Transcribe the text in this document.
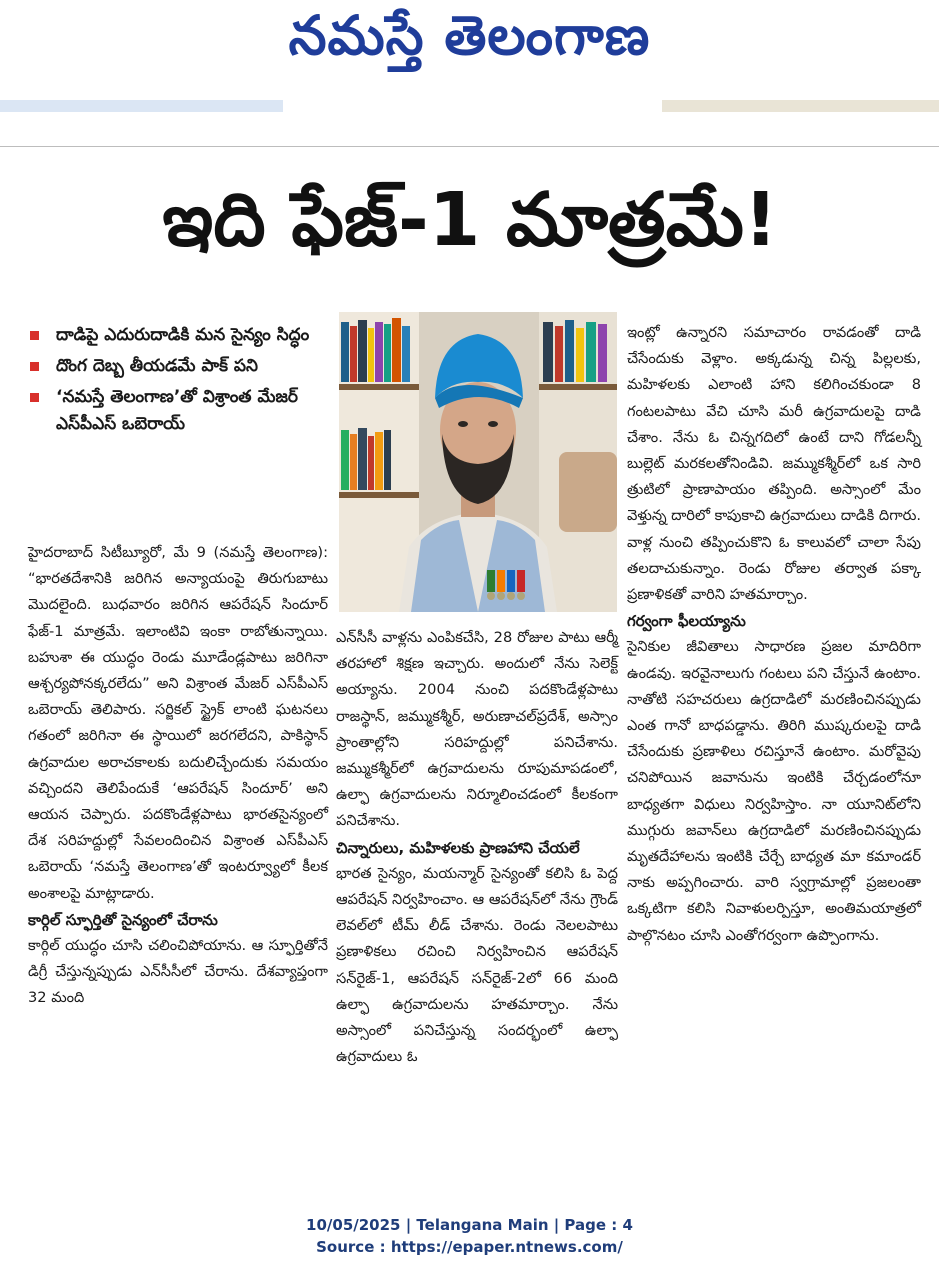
నమస్తే తెలంగాణ
ఇది ఫేజ్‌-1 మాత్రమే!
దాడిపై ఎదురుదాడికి మన సైన్యం సిద్ధం
దొంగ దెబ్బ తీయడమే పాక్‌ పని
‘నమస్తే తెలంగాణ’తో విశ్రాంత మేజర్‌ ఎస్‌పీఎస్‌ ఒబెరాయ్‌

హైదరాబాద్‌ సిటీబ్యూరో, మే 9 (నమస్తే తెలంగాణ): “భారతదేశానికి జరిగిన అన్యాయంపై తిరుగుబాటు మొదలైంది. బుధవారం జరిగిన ఆపరేషన్‌ సిందూర్‌ ఫేజ్‌-1 మాత్రమే. ఇలాంటివి ఇంకా రాబోతున్నాయి. బహుశా ఈ యుద్ధం రెండు మూడేండ్లపాటు జరిగినా ఆశ్చర్యపోనక్కరలేదు” అని విశ్రాంత మేజర్‌ ఎస్‌పీఎస్‌ ఒబెరాయ్‌ తెలిపారు. సర్జికల్‌ స్ట్రైక్‌ లాంటి ఘటనలు గతంలో జరిగినా ఈ స్థాయిలో జరగలేదని, పాకిస్థాన్‌ ఉగ్రవాదుల అరాచకాలకు బదులిచ్చేందుకు సమయం వచ్చిందని తెలిపేందుకే ‘ఆపరేషన్‌ సిందూర్‌’ అని ఆయన చెప్పారు. పదకొండేళ్లపాటు భారతసైన్యంలో దేశ సరిహద్దుల్లో సేవలందించిన విశ్రాంత ఎస్‌పీఎస్‌ ఒబెరాయ్‌ ‘నమస్తే తెలంగాణ’తో ఇంటర్వ్యూలో కీలక అంశాలపై మాట్లాడారు.

కార్గిల్‌ స్ఫూర్తితో సైన్యంలో చేరాను

కార్గిల్‌ యుద్ధం చూసి చలించిపోయాను. ఆ స్ఫూర్తితోనే డిగ్రీ చేస్తున్నప్పుడు ఎన్‌సీసీలో చేరాను. దేశవ్యాప్తంగా 32 మంది

ఎన్‌సీసీ వాళ్లను ఎంపికచేసి, 28 రోజుల పాటు ఆర్మీ తరహాలో శిక్షణ ఇచ్చారు. అందులో నేను సెలెక్ట్‌ అయ్యాను. 2004 నుంచి పదకొండేళ్లపాటు రాజస్థాన్‌, జమ్ముకశ్మీర్‌, అరుణాచల్‌ప్రదేశ్‌, అస్సాం ప్రాంతాల్లోని సరిహద్దుల్లో పనిచేశాను. జమ్ముకశ్మీర్‌లో ఉగ్రవాదులను రూపుమాపడంలో, ఉల్ఫా ఉగ్రవాదులను నిర్మూలించడంలో కీలకంగా పనిచేశాను.

చిన్నారులు, మహిళలకు ప్రాణహాని చేయలే

భారత సైన్యం, మయన్మార్‌ సైన్యంతో కలిసి ఓ పెద్ద ఆపరేషన్‌ నిర్వహించాం. ఆ ఆపరేషన్‌లో నేను గ్రౌండ్‌ లెవల్‌లో టీమ్‌ లీడ్‌ చేశాను. రెండు నెలలపాటు ప్రణాళికలు రచించి నిర్వహించిన ఆపరేషన్‌ సన్‌రైజ్‌-1, ఆపరేషన్‌ సన్‌రైజ్‌-2లో 66 మంది ఉల్ఫా ఉగ్రవాదులను హతమార్చాం. నేను అస్సాంలో పనిచేస్తున్న సందర్భంలో ఉల్ఫా ఉగ్రవాదులు ఓ

ఇంట్లో ఉన్నారని సమాచారం రావడంతో దాడి చేసేందుకు వెళ్లాం. అక్కడున్న చిన్న పిల్లలకు, మహిళలకు ఎలాంటి హాని కలిగించకుండా 8 గంటలపాటు వేచి చూసి మరీ ఉగ్రవాదులపై దాడి చేశాం. నేను ఓ చిన్నగదిలో ఉంటే దాని గోడలన్నీ బుల్లెట్‌ మరకలతోనిండివి. జమ్ముకశ్మీర్‌లో ఒక సారి త్రుటిలో ప్రాణాపాయం తప్పింది. అస్సాంలో మేం వెళ్తున్న దారిలో కాపుకాచి ఉగ్రవాదులు దాడికి దిగారు. వాళ్ల నుంచి తప్పించుకొని ఓ కాలువలో చాలా సేపు తలదాచుకున్నాం. రెండు రోజుల తర్వాత పక్కా ప్రణాళికతో వారిని హతమార్చాం.

గర్వంగా ఫీలయ్యాను

సైనికుల జీవితాలు సాధారణ ప్రజల మాదిరిగా ఉండవు. ఇరవైనాలుగు గంటలు పని చేస్తునే ఉంటాం. నాతోటి సహచరులు ఉగ్రదాడిలో మరణించినప్పుడు ఎంత గానో బాధపడ్డాను. తిరిగి ముష్కరులపై దాడి చేసేందుకు ప్రణాళిలు రచిస్తూనే ఉంటాం. మరోవైపు చనిపోయిన జవానును ఇంటికి చేర్చడంలోనూ బాధ్యతగా విధులు నిర్వహిస్తాం. నా యూనిట్‌లోని ముగ్గురు జవాన్‌లు ఉగ్రదాడిలో మరణించినప్పుడు మృతదేహాలను ఇంటికి చేర్చే బాధ్యత మా కమాండర్‌ నాకు అప్పగించారు. వారి స్వగ్రామాల్లో ప్రజలంతా ఒక్కటిగా కలిసి నివాళులర్పిస్తూ, అంతిమయాత్రలో పాల్గొనటం చూసి ఎంతోగర్వంగా ఉప్పొంగాను.

10/05/2025 | Telangana Main | Page : 4
Source : https://epaper.ntnews.com/
